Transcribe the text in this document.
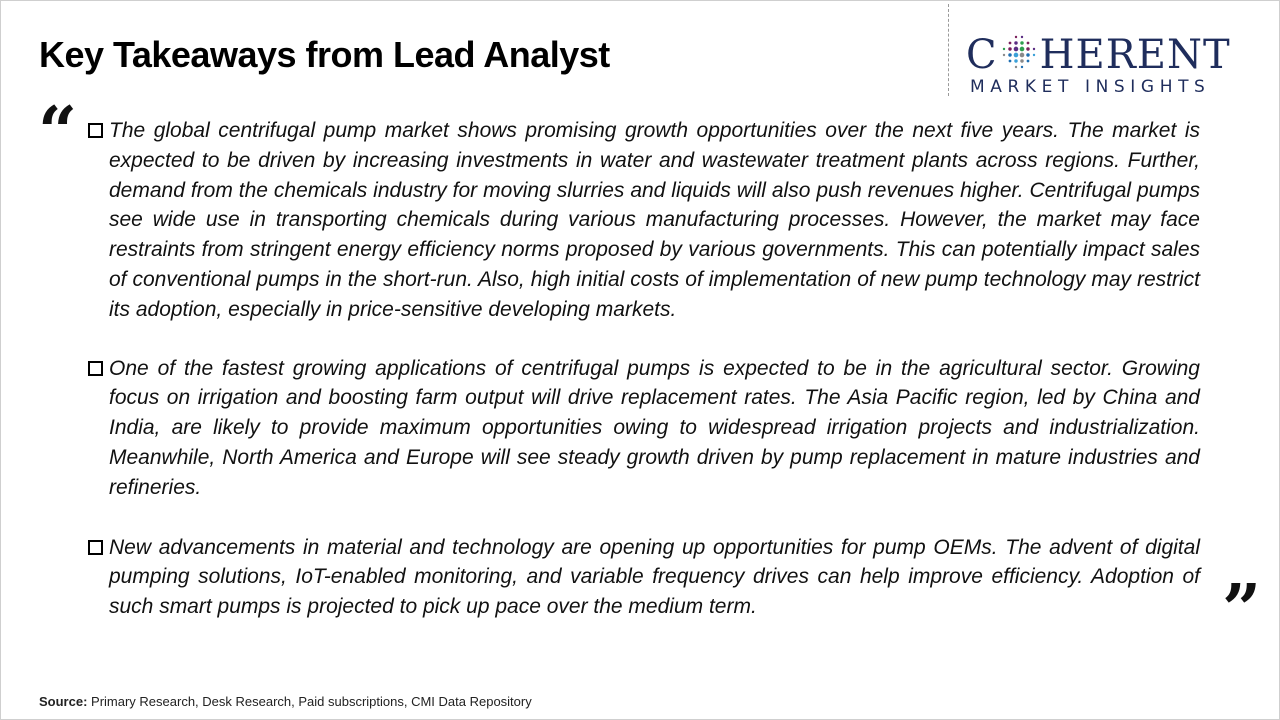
Key Takeaways from Lead Analyst	C HERENT
MARKET INSIGHTS
“ The global centrifugal pump market shows promising growth opportunities over the next five years. The market is expected to be driven by increasing investments in water and wastewater treatment plants across regions. Further, demand from the chemicals industry for moving slurries and liquids will also push revenues higher. Centrifugal pumps see wide use in transporting chemicals during various manufacturing processes. However, the market may face restraints from stringent energy efficiency norms proposed by various governments. This can potentially impact sales of conventional pumps in the short-run. Also, high initial costs of implementation of new pump technology may restrict its adoption, especially in price-sensitive developing markets.

One of the fastest growing applications of centrifugal pumps is expected to be in the agricultural sector. Growing focus on irrigation and boosting farm output will drive replacement rates. The Asia Pacific region, led by China and India, are likely to provide maximum opportunities owing to widespread irrigation projects and industrialization. Meanwhile, North America and Europe will see steady growth driven by pump replacement in mature industries and refineries.

New advancements in material and technology are opening up opportunities for pump OEMs. The advent of digital pumping solutions, IoT-enabled monitoring, and variable frequency drives can help improve efficiency. Adoption of such smart pumps is projected to pick up pace over the medium term.	”
Source: Primary Research, Desk Research, Paid subscriptions, CMI Data Repository
